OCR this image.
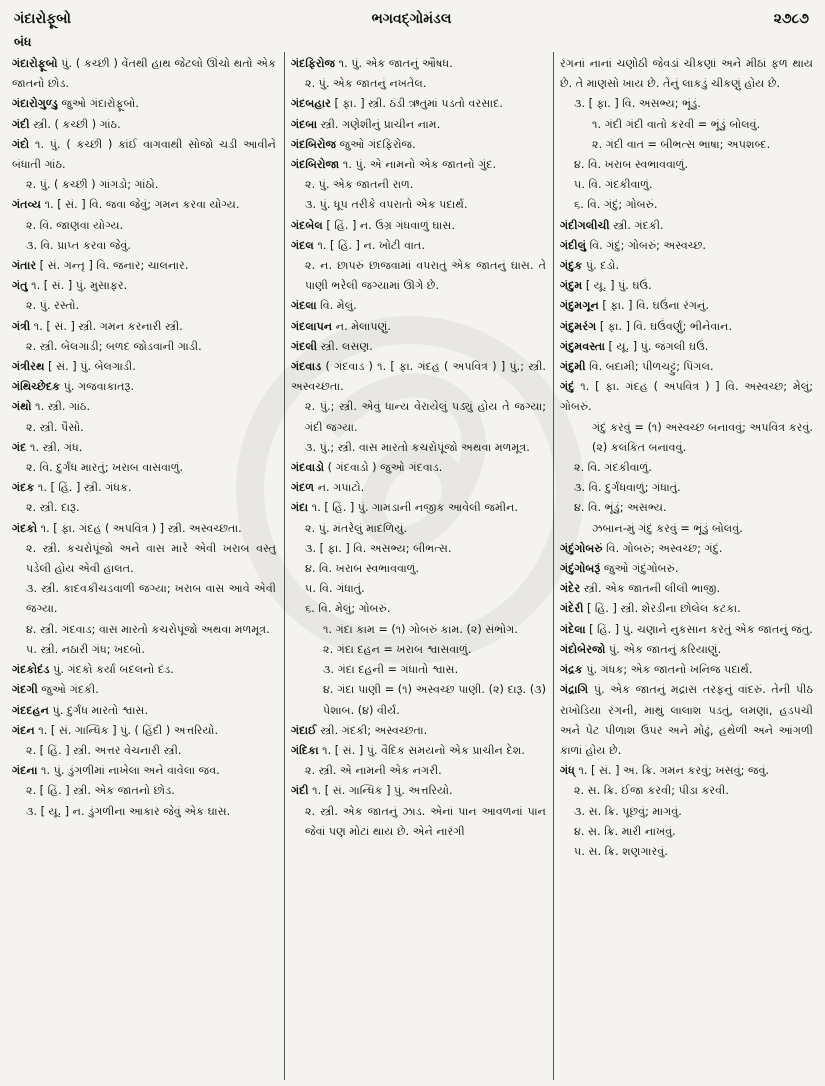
ગંદારોફૂબો	ભગવદ્ગોમંડલ	૨૭૮૭
બંધ

ગંદારોફૂબો પું. ( કચ્છી ) વેંતથી હાથ જેટલો ઊંચો થતો એક જાતનો છોડ.

ગંદારોગુળ્ડુ જુઓ ગંદારોફૂબો.

ગંદી સ્ત્રી. ( કચ્છી ) ગાંઠ.

ગંદો ૧. પું. ( કચ્છી ) કાંઈ વાગવાથી સોજો ચડી આવીને બંધાતી ગાંઠ.

૨. પું. ( કચ્છી ) ગાંગડો; ગાંઠો.

ગંતવ્ય ૧. [ સં. ] વિ. જવા જેવું; ગમન કરવા યોગ્ય.

૨. વિ. જાણવા યોગ્ય.

૩. વિ. પ્રાપ્ત કરવા જેવું.

ગંતાર [ સં. ગન્તૃ ] વિ. જનાર; ચાલનાર.

ગંતુ ૧. [ સં. ] પું. મુસાફર.

૨. પું. રસ્તો.

ગંત્રી ૧. [ સં. ] સ્ત્રી. ગમન કરનારી સ્ત્રી.

૨. સ્ત્રી. બેલગાડી; બળદ જોડવાની ગાડી.

ગંત્રીરથ [ સં. ] પું. બેલગાડી.

ગંથિચ્છેદક પું. ગજવાકાતરૂ.

ગંથો ૧. સ્ત્રી. ગાંઠ.

૨. સ્ત્રી. પૈસો.

ગંદ ૧. સ્ત્રી. ગંધ.

૨. વિ. દુર્ગંધ મારતું; ખરાબ વાસવાળું.

ગંદક ૧. [ હિં. ] સ્ત્રી. ગંધક.

૨. સ્ત્રી. દારૂ.

ગંદકો ૧. [ ફા. ગંદહ ( અપવિત્ર ) ] સ્ત્રી. અસ્વચ્છતા.

૨. સ્ત્રી. કચરોપૂંજો અને વાસ મારે એવી ખરાબ વસ્તુ પડેલી હોય એવી હાલત.

૩. સ્ત્રી. કાદવકીચડવાળી જગ્યા; ખરાબ વાસ આવે એવી જગ્યા.

૪. સ્ત્રી. ગંદવાડ; વાસ મારતો કચરોપૂંજો અથવા મળમૂત્ર.

૫. સ્ત્રી. નઠારી ગંધ; ખદબો.

ગંદકોદંડ પું. ગંદકો કર્યા બદલનો દંડ.

ગંદગી જુઓ ગંદકી.

ગંદદહન પું. દુર્ગંધ મારતો શ્વાસ.

ગંદન ૧. [ સં. ગાન્ધિક ] પું. ( હિંદી ) અત્તરિયો.

૨. [ હિં. ] સ્ત્રી. અત્તર વેચનારી સ્ત્રી.

ગંદના ૧. પું. ડુંગળીમાં નાખેલા અને વાવેલા જવ.

૨. [ હિં. ] સ્ત્રી. એક જાતનો છોડ.

૩. [ યૂ. ] ન. ડુંગળીના આકાર જેવું એક ઘાસ.

ગંદફિરોજ ૧. પું. એક જાતનું ઔષધ.

૨. પું. એક જાતનું નખતેલ.

ગંદબહાર [ ફા. ] સ્ત્રી. ઠંડી ઋતુમાં પડતો વરસાદ.

ગંદબા સ્ત્રી. ગણેશીનું પ્રાચીન નામ.

ગંદબિરોજ જુઓ ગંદફિરોજ.

ગંદબિરોજા ૧. પું. એ નામનો એક જાતનો ગુંદ.

૨. પું. એક જાતની રાળ.

૩. પું. ધૂપ તરીકે વપરાતો એક પદાર્થ.

ગંદબેલ [ હિં. ] ન. ઉગ્ર ગંધવાળું ઘાસ.

ગંદલ ૧. [ હિં. ] ન. ખોટી વાત.

૨. ન. છાપરું છાજવામાં વપરાતું એક જાતનું ઘાસ. તે પાણી ભરેલી જગ્યામાં ઊગે છે.

ગંદલા વિ. મેલું.

ગંદલાપન ન. મેલાપણું.

ગંદલી સ્ત્રી. લસણ.

ગંદવાડ ( ગંદવાડ ) ૧. [ ફા. ગંદહ ( અપવિત્ર ) ] પું.; સ્ત્રી. અસ્વચ્છતા.

૨. પું.; સ્ત્રી. એવું ધાન્ય વેરાયેલું પડ્યું હોય તે જગ્યા; ગંદી જગ્યા.

૩. પું.; સ્ત્રી. વાસ મારતો કચરોપૂંજો અથવા મળમૂત્ર.

ગંદવાડો ( ગંદવાડો ) જુઓ ગંદવાડ.

ગંદળ ન. ગપાટો.

ગંદા ૧. [ હિં. ] પું. ગામડાની નજીક આવેલી જમીન.

૨. પું. મંતરેલું માદળિયું.

૩. [ ફા. ] વિ. અસભ્ય; બીભત્સ.

૪. વિ. ખરાબ સ્વભાવવાળું.

૫. વિ. ગંધાતું.

૬. વિ. મેલું; ગોબરું.

૧. ગંદા કામ = (૧) ગોબરું કામ. (૨) સંભોગ.

૨. ગંદા દહન = ખરાબ શ્વાસવાળું.

૩. ગંદા દહની = ગંધાતો શ્વાસ.

૪. ગંદા પાણી = (૧) અસ્વચ્છ પાણી. (૨) દારૂ. (૩) પેશાબ. (૪) વીર્ય.

ગંદાઈ સ્ત્રી. ગંદકી; અસ્વચ્છતા.

ગંદિકા ૧. [ સં. ] પું. વૈદિક સમયનો એક પ્રાચીન દેશ.

૨. સ્ત્રી. એ નામની એક નગરી.

ગંદી ૧. [ સં. ગાન્ધિક ] પું. અત્તરિયો.

૨. સ્ત્રી. એક જાતનું ઝાડ. એનાં પાન આવળનાં પાન જેવાં પણ મોટાં થાય છે. એને નારંગી

રંગનાં નાનાં ચણોઠી જેવડાં ચીકણાં અને મીઠાં ફળ થાય છે. તે માણસો ખાય છે. તેનું લાકડું ચીકણું હોય છે.

૩. [ ફા. ] વિ. અસભ્ય; ભૂંડું.

૧. ગંદી ગંદી વાતો કરવી = ભૂંડું બોલવું.

૨. ગંદી વાત = બીભત્સ ભાષા; અપશબ્દ.

૪. વિ. ખરાબ સ્વભાવવાળું.

૫. વિ. ગંદકીવાળું.

૬. વિ. ગંદું; ગોબરું.

ગંદીગલીચી સ્ત્રી. ગંદકી.

ગંદીલું વિ. ગંદું; ગોબરું; અસ્વચ્છ.

ગંદુક પું. દડો.

ગંદુમ [ યૂ. ] પું. ઘઉં.

ગંદુમગૂન [ ફા. ] વિ. ઘઉંના રંગનું.

ગંદુમરંગ [ ફા. ] વિ. ઘઉંવર્ણું; ભીનેવાન.

ગંદુમવસ્તા [ યૂ. ] પું. જંગલી ઘઉં.

ગંદુમી વિ. બદામી; પીળચટ્ટું; પિંગલ.

ગંદું ૧. [ ફા. ગંદહ ( અપવિત્ર ) ] વિ. અસ્વચ્છ; મેલું; ગોબરું.

ગંદું કરવું = (૧) અસ્વચ્છ બનાવવું; અપવિત્ર કરવું. (૨) કલંકિત બનાવવું.

૨. વિ. ગંદકીવાળું.

૩. વિ. દુર્ગંધવાળું; ગંધાતું.

૪. વિ. ભૂંડું; અસભ્ય.

ઝબાન-મું ગંદું કરવું = ભૂંડું બોલવું.

ગંદુંગોબરું વિ. ગોબરું; અસ્વચ્છ; ગંદું.

ગંદુંગોબરૂં જુઓ ગંદુંગોબરું.

ગંદેર સ્ત્રી. એક જાતની લીલી ભાજી.

ગંદેરી [ હિં. ] સ્ત્રી. શેરડીના છોલેલ કટકા.

ગંદેલા [ હિં. ] પું. ચણાને નુકસાન કરતું એક જાતનું જંતુ.

ગંદોબેરજો પું. એક જાતનું કરિયાણું.

ગંદ્રક પું. ગંધક; એક જાતનો ખનિજ પદાર્થ.

ગંદ્રાગિ પું. એક જાતનું મદ્રાસ તરફનું વાંદરું. તેની પીઠ રાખોડિયા રંગની, માથું લાલાશ પડતું, લમણાં, હડપચી અને પેટ પીળાશ ઉપર અને મોઢું, હથેળી અને આંગળી કાળાં હોય છે.

ગંધ્ ૧. [ સં. ] અ. ક્રિ. ગમન કરવું; ખસવું; જવું.

૨. સ. ક્રિ. ઈજા કરવી; પીડા કરવી.

૩. સ. ક્રિ. પૂછવું; માગવું.

૪. સ. ક્રિ. મારી નાખવું.

૫. સ. ક્રિ. શણગારવું.
